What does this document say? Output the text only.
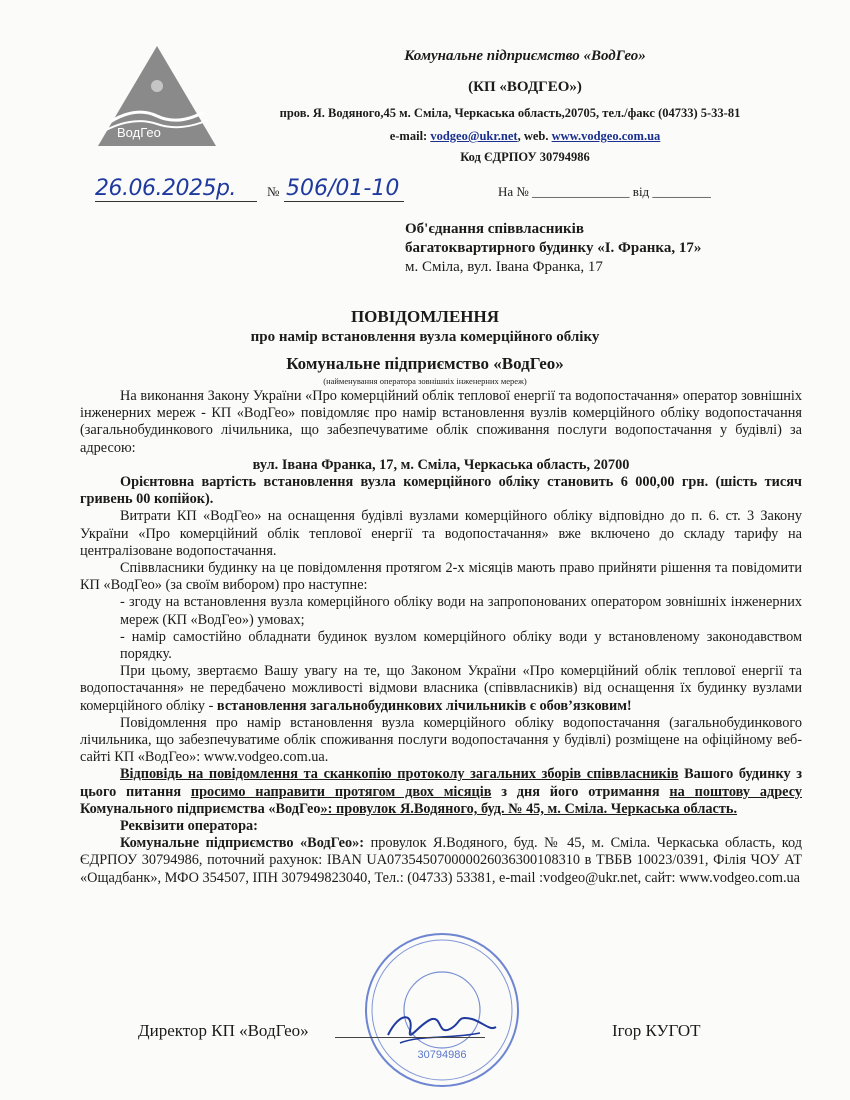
ВодГео
Комунальне підприємство «ВодГео»
(КП «ВОДГЕО»)
пров. Я. Водяного,45 м. Сміла, Черкаська область,20705, тел./факс (04733) 5-33-81
e-mail: vodgeo@ukr.net, web. www.vodgeo.com.ua
Код ЄДРПОУ 30794986
26.06.2025р. № 506/01-10	На № _______________ від _________
Об'єднання співвласників
багатоквартирного будинку «І. Франка, 17»
м. Сміла, вул. Івана Франка, 17
ПОВІДОМЛЕННЯ
про намір встановлення вузла комерційного обліку
Комунальне підприємство «ВодГео»
(найменування оператора зовнішніх інженерних мереж)

На виконання Закону України «Про комерційний облік теплової енергії та водопостачання» оператор зовнішніх інженерних мереж - КП «ВодГео» повідомляє про намір встановлення вузлів комерційного обліку водопостачання (загальнобудинкового лічильника, що забезпечуватиме облік споживання послуги водопостачання у будівлі) за адресою:

вул. Івана Франка, 17, м. Сміла, Черкаська область, 20700

Орієнтовна вартість встановлення вузла комерційного обліку становить 6 000,00 грн. (шість тисяч гривень 00 копійок).

Витрати КП «ВодГео» на оснащення будівлі вузлами комерційного обліку відповідно до п. 6. ст. 3 Закону України «Про комерційний облік теплової енергії та водопостачання» вже включено до складу тарифу на централізоване водопостачання.

Співвласники будинку на це повідомлення протягом 2-х місяців мають право прийняти рішення та повідомити КП «ВодГео» (за своїм вибором) про наступне:

- згоду на встановлення вузла комерційного обліку води на запропонованих оператором зовнішніх інженерних мереж (КП «ВодГео») умовах;

- намір самостійно обладнати будинок вузлом комерційного обліку води у встановленому законодавством порядку.

При цьому, звертаємо Вашу увагу на те, що Законом України «Про комерційний облік теплової енергії та водопостачання» не передбачено можливості відмови власника (співвласників) від оснащення їх будинку вузлами комерційного обліку - встановлення загальнобудинкових лічильників є обов’язковим!

Повідомлення про намір встановлення вузла комерційного обліку водопостачання (загальнобудинкового лічильника, що забезпечуватиме облік споживання послуги водопостачання у будівлі) розміщене на офіційному веб-сайті КП «ВодГео»: www.vodgeo.com.ua.

Відповідь на повідомлення та сканкопію протоколу загальних зборів співвласників Вашого будинку з цього питання просимо направити протягом двох місяців з дня його отримання на поштову адресу Комунального підприємства «ВодГео»: провулок Я.Водяного, буд. № 45, м. Сміла. Черкаська область.

Реквізити оператора:

Комунальне підприємство «ВодГео»: провулок Я.Водяного, буд. № 45, м. Сміла. Черкаська область, код ЄДРПОУ 30794986, поточний рахунок: IBAN UA073545070000026036300108310 в ТВБВ 10023/0391, Філія ЧОУ АТ «Ощадбанк», МФО 354507, ІПН 307949823040, Тел.: (04733) 53381, e-mail :vodgeo@ukr.net, сайт: www.vodgeo.com.ua

30794986
Директор КП «ВодГео»	Ігор КУГОТ
